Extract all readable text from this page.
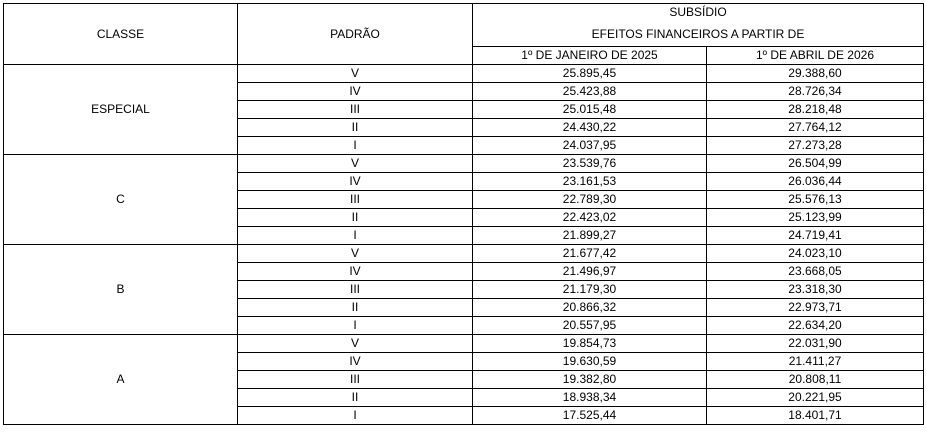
CLASSE	PADRÃO	SUBSÍDIO
EFEITOS FINANCEIROS A PARTIR DE	

		1º DE JANEIRO DE 2025	1º DE ABRIL DE 2026
ESPECIAL	V	25.895,45	29.388,60
	IV	25.423,88	28.726,34
	III	25.015,48	28.218,48
	II	24.430,22	27.764,12
	I	24.037,95	27.273,28
C	V	23.539,76	26.504,99
	IV	23.161,53	26.036,44
	III	22.789,30	25.576,13
	II	22.423,02	25.123,99
	I	21.899,27	24.719,41
B	V	21.677,42	24.023,10
	IV	21.496,97	23.668,05
	III	21.179,30	23.318,30
	II	20.866,32	22.973,71
	I	20.557,95	22.634,20
A	V	19.854,73	22.031,90
	IV	19.630,59	21.411,27
	III	19.382,80	20.808,11
	II	18.938,34	20.221,95
	I	17.525,44	18.401,71
